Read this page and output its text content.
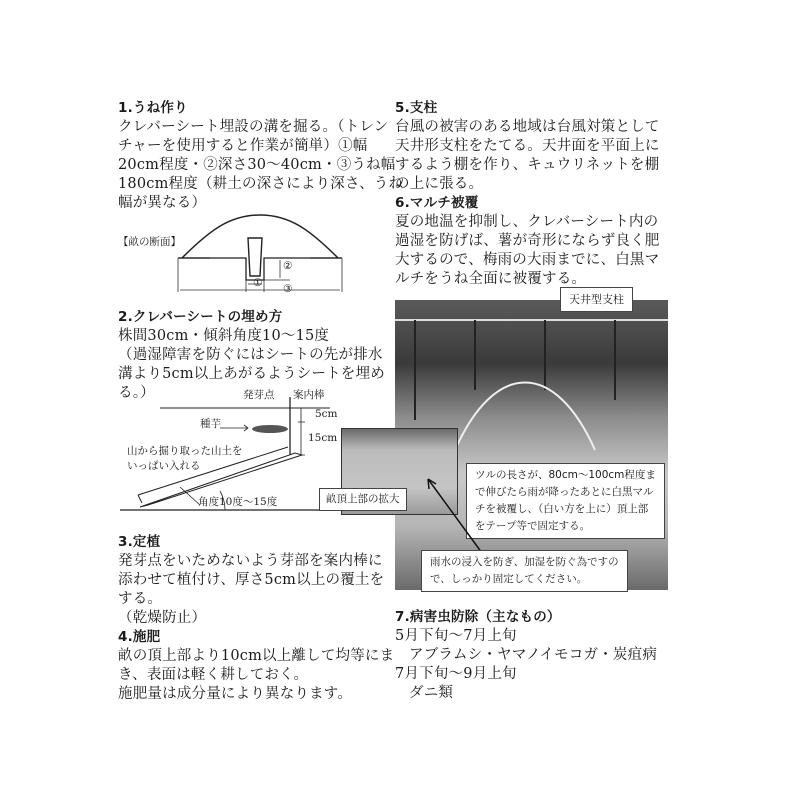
1.うね作り
クレバーシート埋設の溝を掘る。（トレン
チャーを使用すると作業が簡単）①幅
20cm程度・②深さ30～40cm・③うね幅
180cm程度（耕土の深さにより深さ、うね
幅が異なる）
【畝の断面】
①
②
③
2.クレバーシートの埋め方
株間30cm・傾斜角度10～15度
（過湿障害を防ぐにはシートの先が排水
溝より5cm以上あがるようシートを埋め
る。）	発芽点 案内棒
種芋
5cm
15cm
山から掘り取った山土を
いっぱい入れる
角度10度～15度
3.定植
発芽点をいためないよう芽部を案内棒に
添わせて植付け、厚さ5cm以上の覆土を
する。
（乾燥防止）
4.施肥
畝の頂上部より10cm以上離して均等にま
き、表面は軽く耕しておく。
施肥量は成分量により異なります。
5.支柱
台風の被害のある地域は台風対策として
天井形支柱をたてる。天井面を平面上に
するよう棚を作り、キュウリネットを棚
の上に張る。
6.マルチ被覆
夏の地温を抑制し、クレバーシート内の
過湿を防げば、薯が奇形にならず良く肥
大するので、梅雨の大雨までに、白黒マ
ルチをうね全面に被覆する。
天井型支柱
畝頂上部の拡大
ツルの長さが、80cm～100cm程度ま
で伸びたら雨が降ったあとに白黒マル
チを被覆し、（白い方を上に）頂上部
をテープ等で固定する。
雨水の浸入を防ぎ、加湿を防ぐ為ですの
で、しっかり固定してください。
7.病害虫防除（主なもの）
5月下旬～7月上旬
アブラムシ・ヤマノイモコガ・炭疽病
7月下旬～9月上旬
ダニ類
